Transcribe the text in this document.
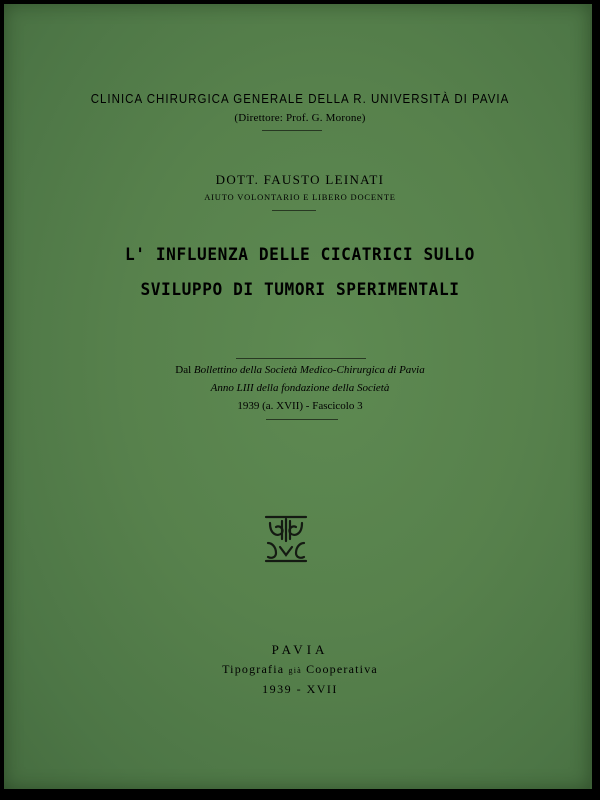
CLINICA CHIRURGICA GENERALE DELLA R. UNIVERSITÀ DI PAVIA
(Direttore: Prof. G. Morone)
DOTT. FAUSTO LEINATI
AIUTO VOLONTARIO E LIBERO DOCENTE
L' INFLUENZA DELLE CICATRICI SULLO
SVILUPPO DI TUMORI SPERIMENTALI
Dal Bollettino della Società Medico-Chirurgica di Pavia
Anno LIII della fondazione della Società
1939 (a. XVII) - Fascicolo 3
PAVIA
Tipografia già Cooperativa
1939 - XVII
